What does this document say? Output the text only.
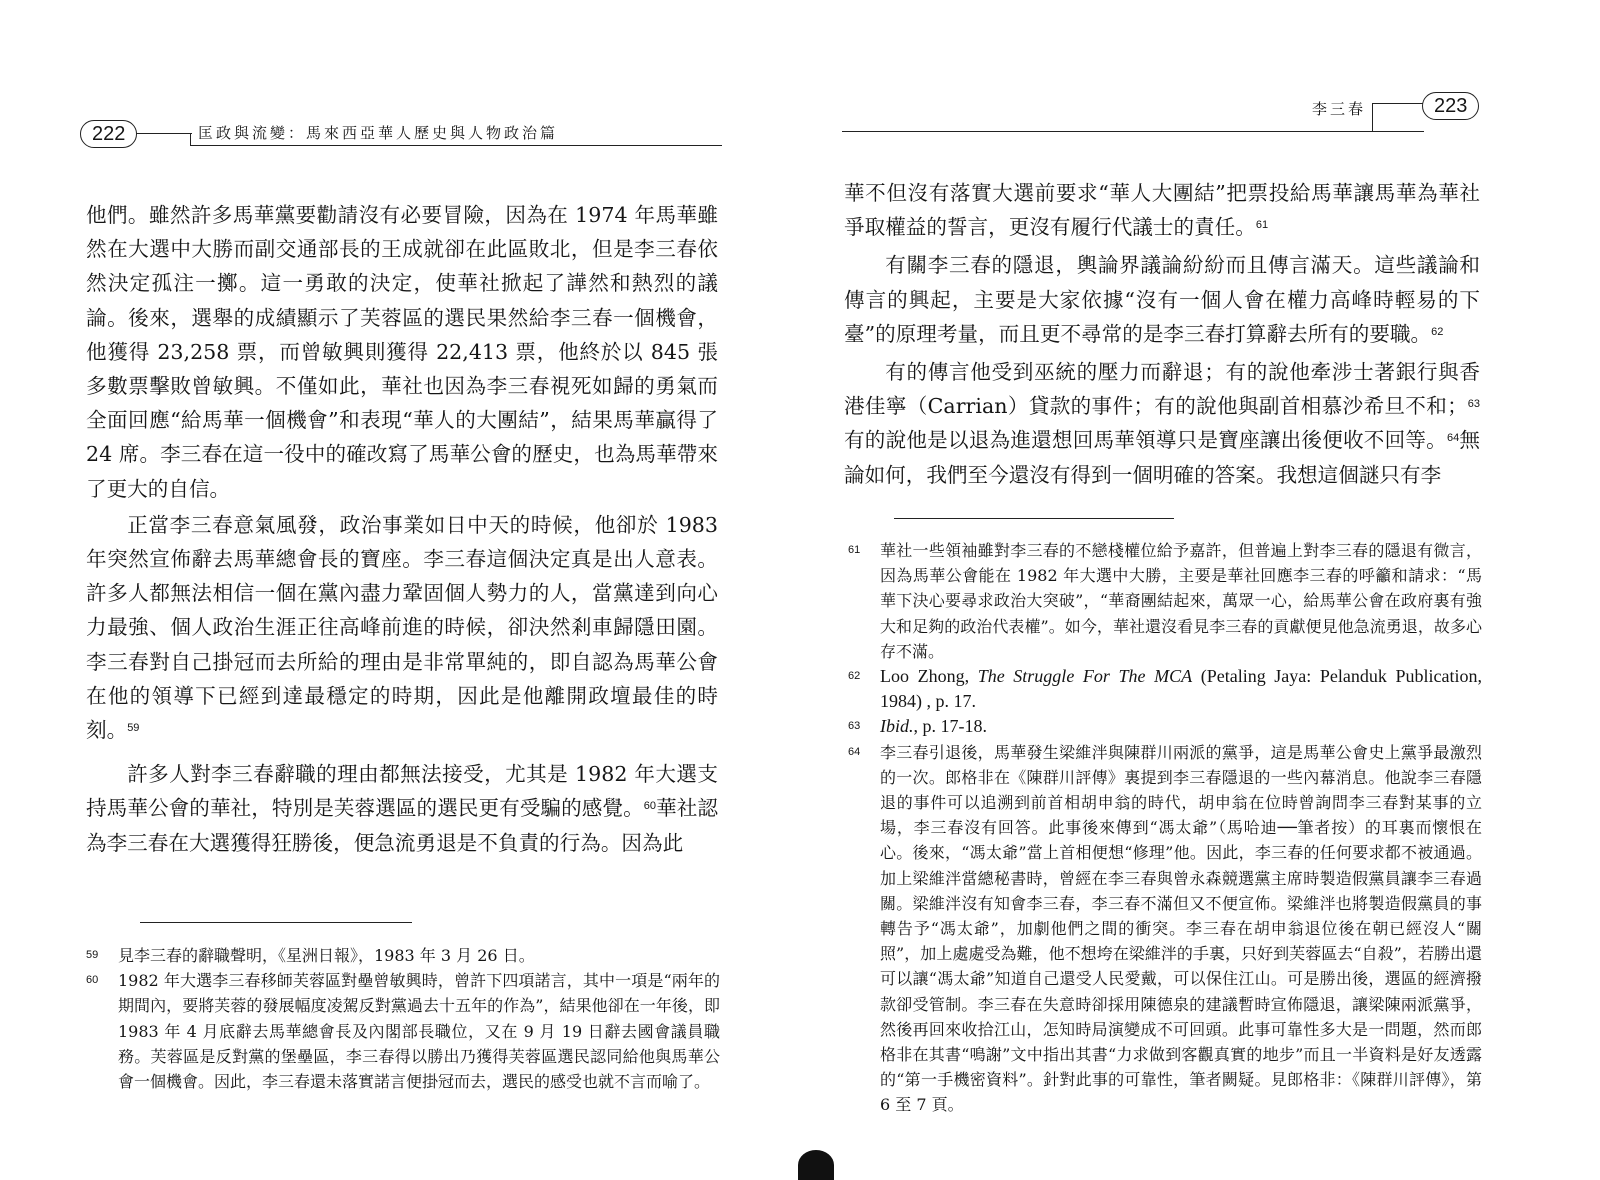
222	匡政與流變：馬來西亞華人歷史與人物政治篇

他們。雖然許多馬華黨要勸請沒有必要冒險，因為在 1974 年馬華雖然在大選中大勝而副交通部長的王成就卻在此區敗北，但是李三春依然決定孤注一擲。這一勇敢的決定，使華社掀起了譁然和熱烈的議論。後來，選舉的成績顯示了芙蓉區的選民果然給李三春一個機會，他獲得 23,258 票，而曾敏興則獲得 22,413 票，他終於以 845 張多數票擊敗曾敏興。不僅如此，華社也因為李三春視死如歸的勇氣而全面回應“給馬華一個機會”和表現“華人的大團結”，結果馬華贏得了 24 席。李三春在這一役中的確改寫了馬華公會的歷史，也為馬華帶來了更大的自信。

正當李三春意氣風發，政治事業如日中天的時候，他卻於 1983 年突然宣佈辭去馬華總會長的寶座。李三春這個決定真是出人意表。許多人都無法相信一個在黨內盡力鞏固個人勢力的人，當黨達到向心力最強、個人政治生涯正往高峰前進的時候，卻決然剎車歸隱田園。李三春對自己掛冠而去所給的理由是非常單純的，即自認為馬華公會在他的領導下已經到達最穩定的時期，因此是他離開政壇最佳的時刻。$^{59}$

許多人對李三春辭職的理由都無法接受，尤其是 1982 年大選支持馬華公會的華社，特別是芙蓉選區的選民更有受騙的感覺。$^{60}$華社認為李三春在大選獲得狂勝後，便急流勇退是不負責的行為。因為此

59 見李三春的辭職聲明，《星洲日報》，1983 年 3 月 26 日。

60 1982 年大選李三春移師芙蓉區對壘曾敏興時，曾許下四項諾言，其中一項是“兩年的期間內，要將芙蓉的發展幅度凌駕反對黨過去十五年的作為”，結果他卻在一年後，即 1983 年 4 月底辭去馬華總會長及內閣部長職位，又在 9 月 19 日辭去國會議員職務。芙蓉區是反對黨的堡壘區，李三春得以勝出乃獲得芙蓉區選民認同給他與馬華公會一個機會。因此，李三春還未落實諾言便掛冠而去，選民的感受也就不言而喻了。

李三春	223

華不但沒有落實大選前要求“華人大團結”把票投給馬華讓馬華為華社爭取權益的誓言，更沒有履行代議士的責任。$^{61}$

有關李三春的隱退，輿論界議論紛紛而且傳言滿天。這些議論和傳言的興起，主要是大家依據“沒有一個人會在權力高峰時輕易的下臺”的原理考量，而且更不尋常的是李三春打算辭去所有的要職。$^{62}$

有的傳言他受到巫統的壓力而辭退；有的說他牽涉士著銀行與香港佳寧（Carrian）貸款的事件；有的說他與副首相慕沙希旦不和；$^{63}$有的說他是以退為進還想回馬華領導只是寶座讓出後便收不回等。$^{64}$無論如何，我們至今還沒有得到一個明確的答案。我想這個謎只有李

61 華社一些領袖雖對李三春的不戀棧權位給予嘉許，但普遍上對李三春的隱退有微言，因為馬華公會能在 1982 年大選中大勝，主要是華社回應李三春的呼籲和請求：“馬華下決心要尋求政治大突破”，“華裔團結起來，萬眾一心，給馬華公會在政府裏有強大和足夠的政治代表權”。如今，華社還沒看見李三春的貢獻便見他急流勇退，故多心存不滿。

62 Loo Zhong, The Struggle For The MCA (Petaling Jaya: Pelanduk Publication, 1984) , p. 17.

63 Ibid., p. 17-18.

64 李三春引退後，馬華發生梁維泮與陳群川兩派的黨爭，這是馬華公會史上黨爭最激烈的一次。郎格非在《陳群川評傳》裏提到李三春隱退的一些內幕消息。他說李三春隱退的事件可以追溯到前首相胡申翁的時代，胡申翁在位時曾詢問李三春對某事的立場，李三春沒有回答。此事後來傳到“馮太爺”（馬哈迪──筆者按）的耳裏而懷恨在心。後來，“馮太爺”當上首相便想“修理”他。因此，李三春的任何要求都不被通過。加上梁維泮當總秘書時，曾經在李三春與曾永森競選黨主席時製造假黨員讓李三春過關。梁維泮沒有知會李三春，李三春不滿但又不便宣佈。梁維泮也將製造假黨員的事轉告予“馮太爺”，加劇他們之間的衝突。李三春在胡申翁退位後在朝已經沒人“關照”，加上處處受為難，他不想垮在梁維泮的手裏，只好到芙蓉區去“自殺”，若勝出還可以讓“馮太爺”知道自己還受人民愛戴，可以保住江山。可是勝出後，選區的經濟撥款卻受管制。李三春在失意時卻採用陳德泉的建議暫時宣佈隱退，讓梁陳兩派黨爭，然後再回來收拾江山，怎知時局演變成不可回頭。此事可靠性多大是一問題，然而郎格非在其書“鳴謝”文中指出其書“力求做到客觀真實的地步”而且一半資料是好友透露的“第一手機密資料”。針對此事的可靠性，筆者闕疑。見郎格非：《陳群川評傳》，第 6 至 7 頁。
